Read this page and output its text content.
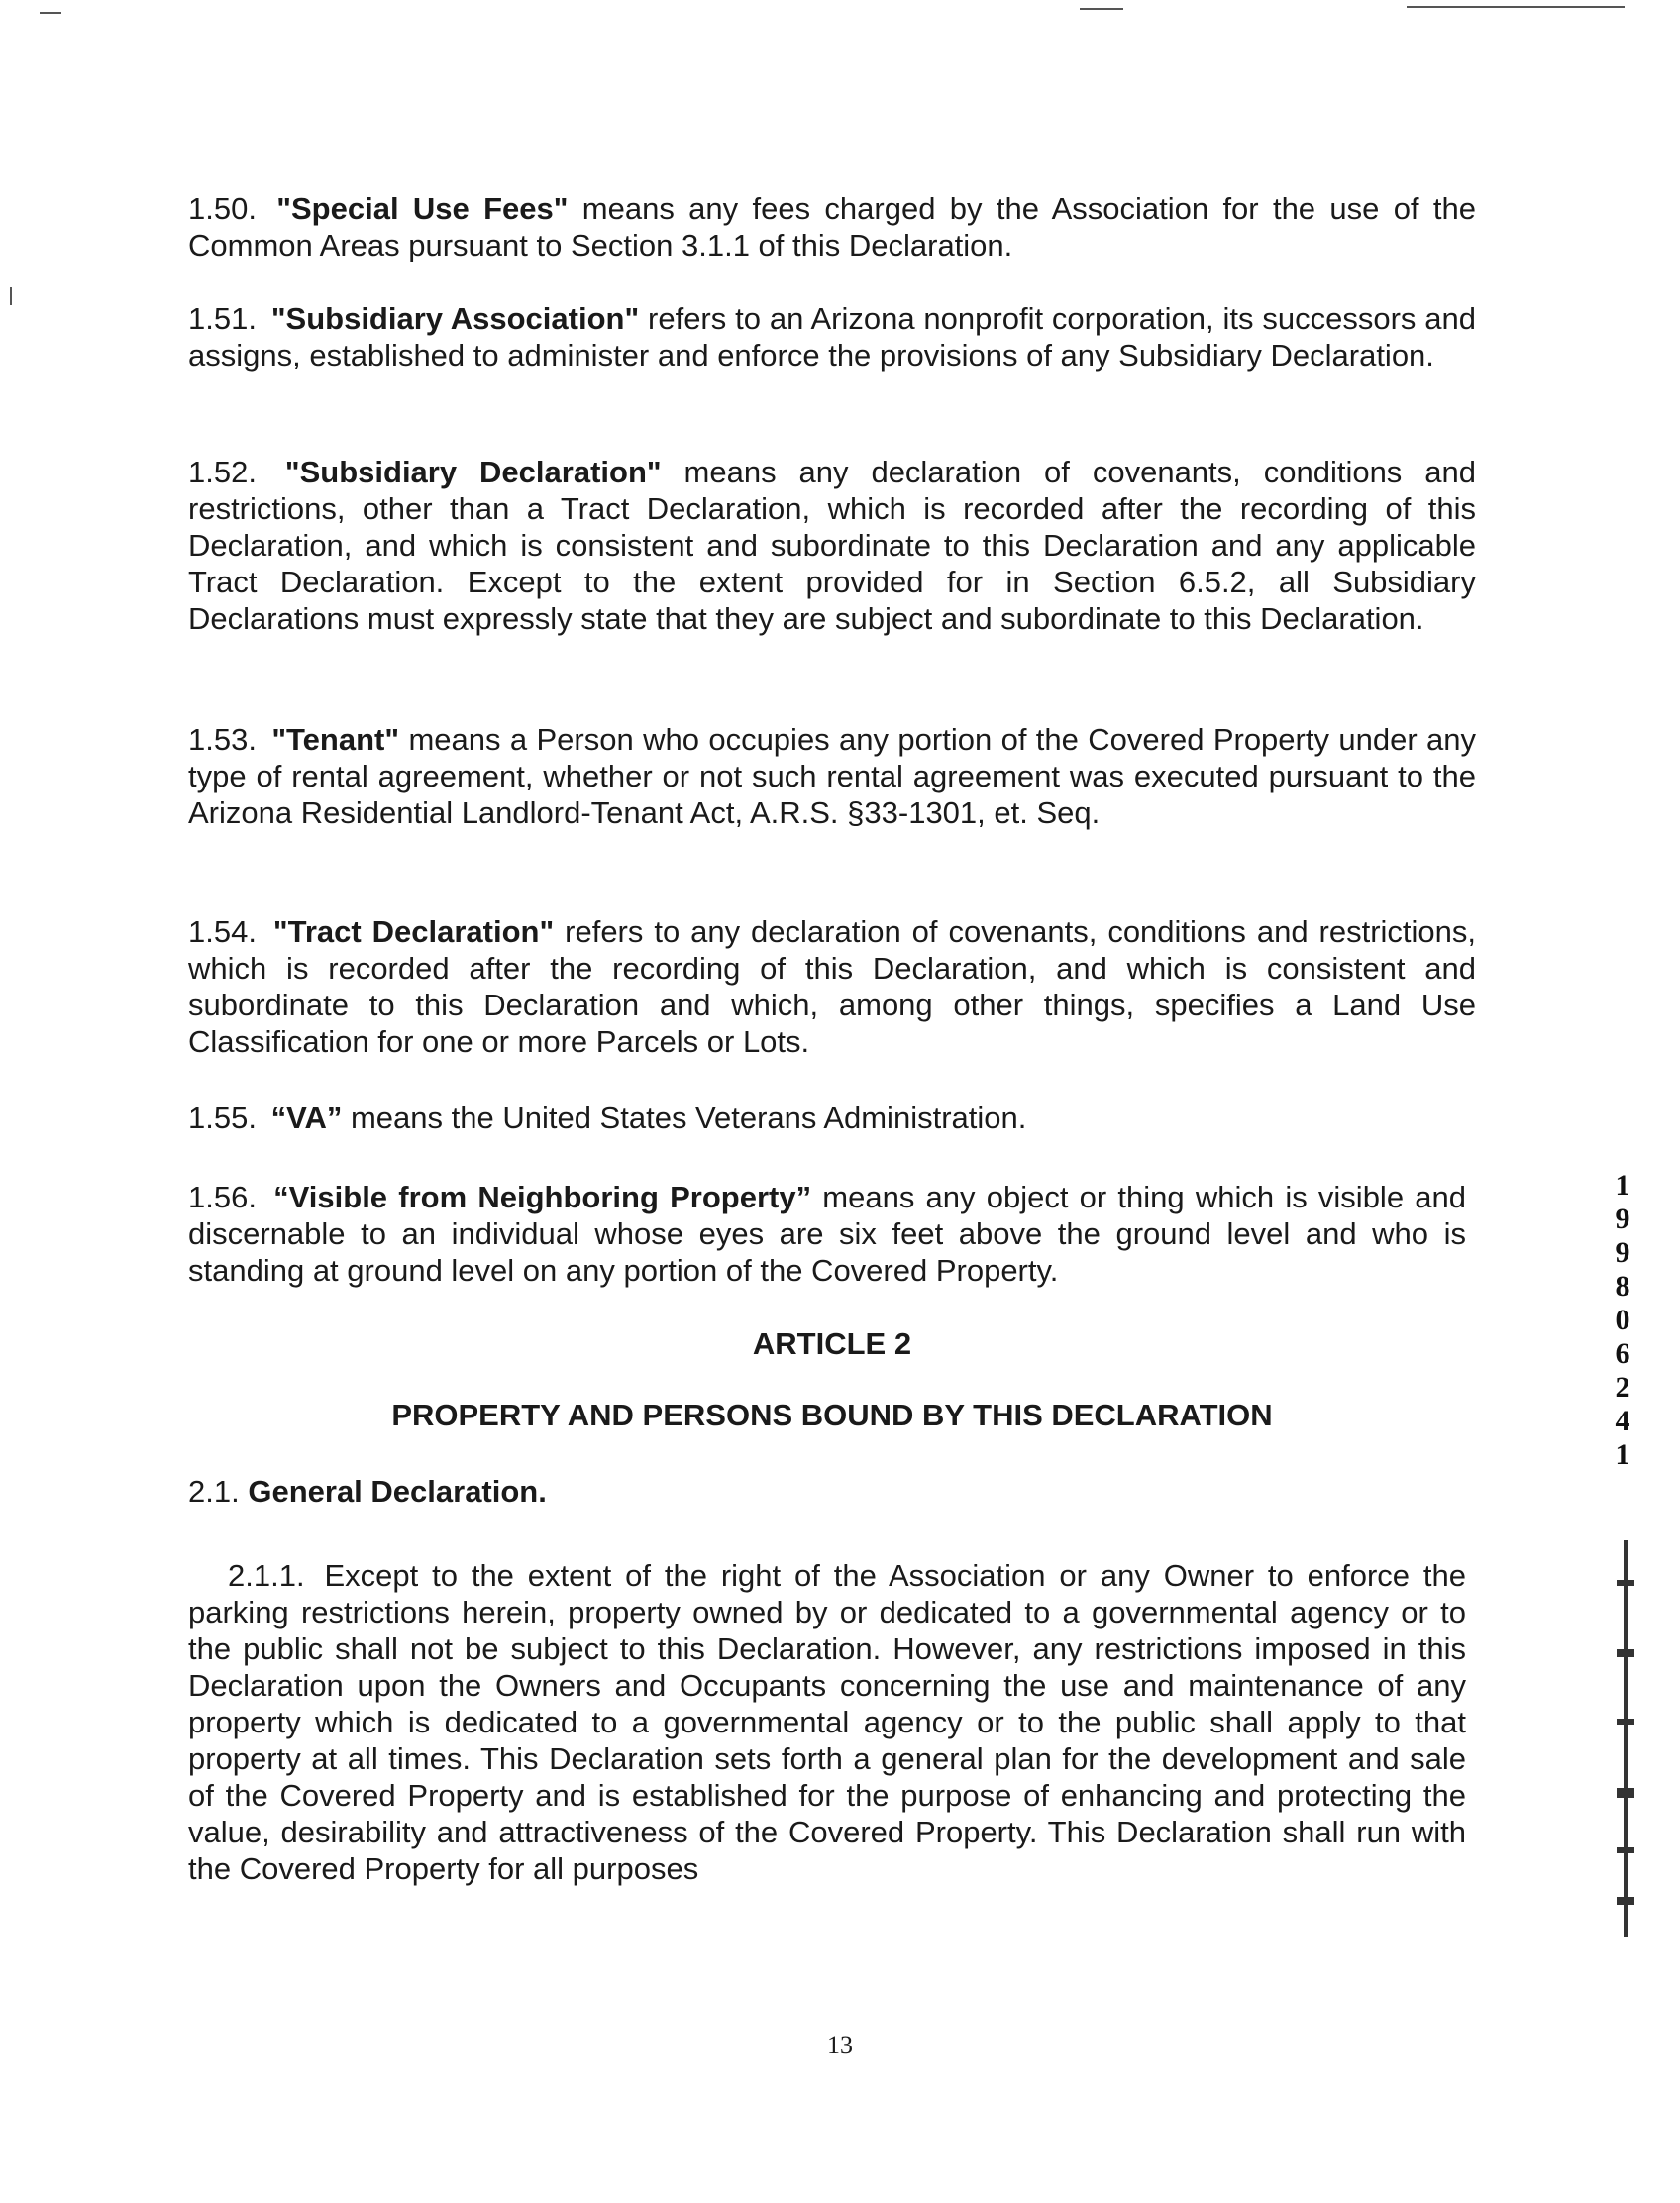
1.50. "Special Use Fees" means any fees charged by the Association for the use of the Common Areas pursuant to Section 3.1.1 of this Declaration.

1.51. "Subsidiary Association" refers to an Arizona nonprofit corporation, its successors and assigns, established to administer and enforce the provisions of any Subsidiary Declaration.

1.52. "Subsidiary Declaration" means any declaration of covenants, conditions and restrictions, other than a Tract Declaration, which is recorded after the recording of this Declaration, and which is consistent and subordinate to this Declaration and any applicable Tract Declaration. Except to the extent provided for in Section 6.5.2, all Subsidiary Declarations must expressly state that they are subject and subordinate to this Declaration.

1.53. "Tenant" means a Person who occupies any portion of the Covered Property under any type of rental agreement, whether or not such rental agreement was executed pursuant to the Arizona Residential Landlord-Tenant Act, A.R.S. §33-1301, et. Seq.

1.54. "Tract Declaration" refers to any declaration of covenants, conditions and restrictions, which is recorded after the recording of this Declaration, and which is consistent and subordinate to this Declaration and which, among other things, specifies a Land Use Classification for one or more Parcels or Lots.

1.55. “VA” means the United States Veterans Administration.

1.56. “Visible from Neighboring Property” means any object or thing which is visible and discernable to an individual whose eyes are six feet above the ground level and who is standing at ground level on any portion of the Covered Property.

ARTICLE 2
PROPERTY AND PERSONS BOUND BY THIS DECLARATION
2.1. General Declaration.

2.1.1. Except to the extent of the right of the Association or any Owner to enforce the parking restrictions herein, property owned by or dedicated to a governmental agency or to the public shall not be subject to this Declaration. However, any restrictions imposed in this Declaration upon the Owners and Occupants concerning the use and maintenance of any property which is dedicated to a governmental agency or to the public shall apply to that property at all times. This Declaration sets forth a general plan for the development and sale of the Covered Property and is established for the purpose of enhancing and protecting the value, desirability and attractiveness of the Covered Property. This Declaration shall run with the Covered Property for all purposes

13
1
9
9
8
0
6
2
4
1
